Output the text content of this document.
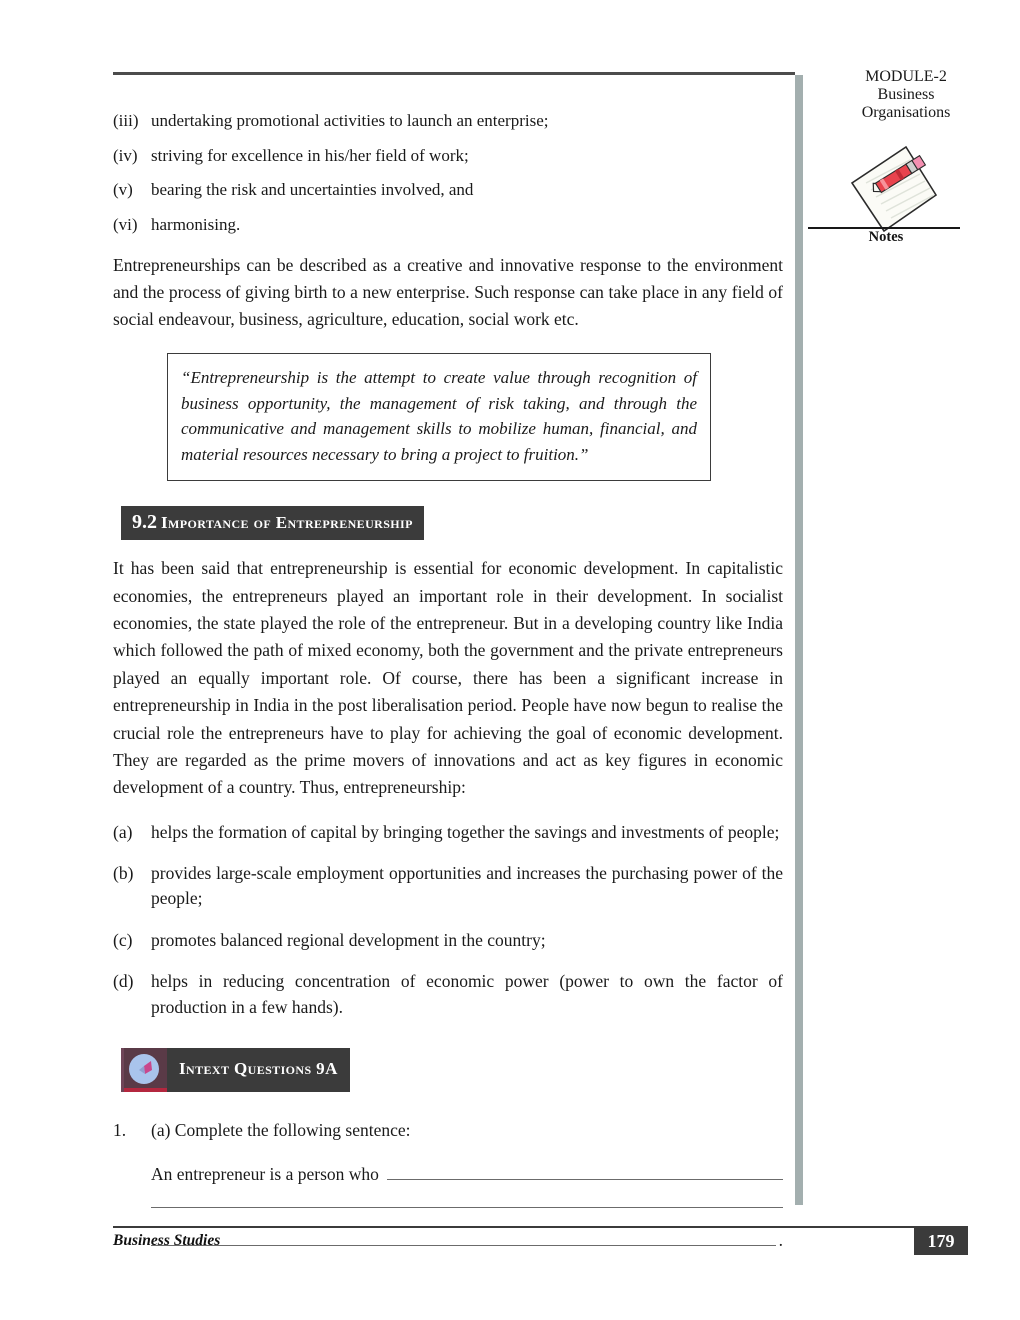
MODULE-2
Business
Organisations
Notes
(iii) undertaking promotional activities to launch an enterprise;
(iv) striving for excellence in his/her field of work;
(v)	bearing the risk and uncertainties involved, and
(vi) harmonising.

Entrepreneurships can be described as a creative and innovative response to the environment and the process of giving birth to a new enterprise. Such response can take place in any field of social endeavour, business, agriculture, education, social work etc.

“Entrepreneurship is the attempt to create value through recognition of business opportunity, the management of risk taking, and through the communicative and management skills to mobilize human, financial, and material resources necessary to bring a project to fruition.”
9.2 Importance of Entrepreneurship

It has been said that entrepreneurship is essential for economic development. In capitalistic economies, the entrepreneurs played an important role in their development. In socialist economies, the state played the role of the entrepreneur. But in a developing country like India which followed the path of mixed economy, both the government and the private entrepreneurs played an equally important role. Of course, there has been a significant increase in entrepreneurship in India in the post liberalisation period. People have now begun to realise the crucial role the entrepreneurs have to play for achieving the goal of economic development. They are regarded as the prime movers of innovations and act as key figures in economic development of a country. Thus, entrepreneurship:

(a)	helps the formation of capital by bringing together the savings and investments of people;
(b)	provides large-scale employment opportunities and increases the purchasing power of the people;
(c)	promotes balanced regional development in the country;
(d)	helps in reducing concentration of economic power (power to own the factor of production in a few hands).
Intext Questions 9A
1.	(a) Complete the following sentence:
An entrepreneur is a person who
.
Business Studies	179
